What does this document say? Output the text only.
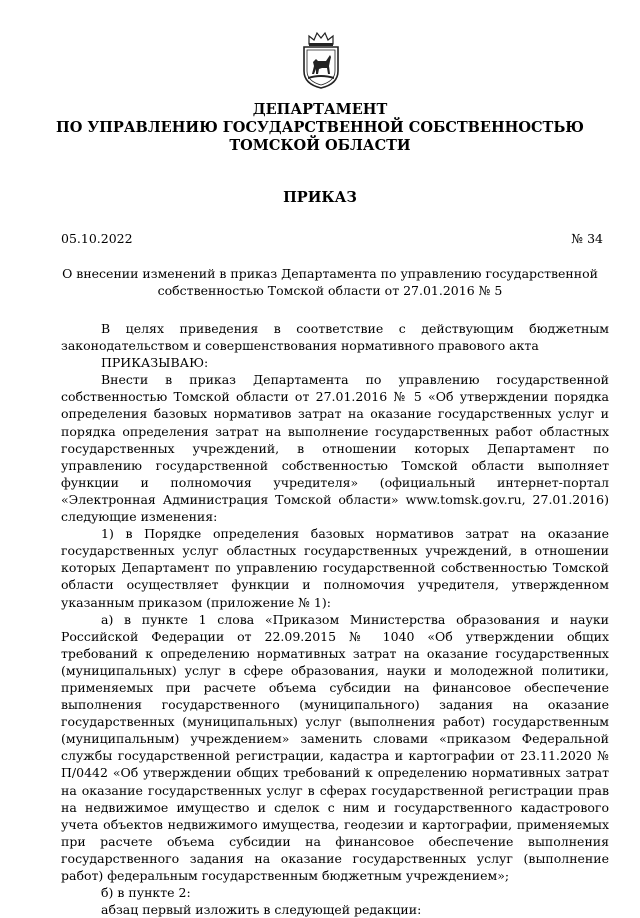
ДЕПАРТАМЕНТ
ПО УПРАВЛЕНИЮ ГОСУДАРСТВЕННОЙ СОБСТВЕННОСТЬЮ
ТОМСКОЙ ОБЛАСТИ
ПРИКАЗ
05.10.2022	№ 34
О внесении изменений в приказ Департамента по управлению государственной
собственностью Томской области от 27.01.2016 № 5

В целях приведения в соответствие с действующим бюджетным законодательством и совершенствования нормативного правового акта

ПРИКАЗЫВАЮ:

Внести в приказ Департамента по управлению государственной собственностью Томской области от 27.01.2016 № 5 «Об утверждении порядка определения базовых нормативов затрат на оказание государственных услуг и порядка определения затрат на выполнение государственных работ областных государственных учреждений, в отношении которых Департамент по управлению государственной собственностью Томской области выполняет функции и полномочия учредителя» (официальный интернет-портал «Электронная Администрация Томской области» www.tomsk.gov.ru, 27.01.2016) следующие изменения:

1) в Порядке определения базовых нормативов затрат на оказание государственных услуг областных государственных учреждений, в отношении которых Департамент по управлению государственной собственностью Томской области осуществляет функции и полномочия учредителя, утвержденном указанным приказом (приложение № 1):

а) в пункте 1 слова «Приказом Министерства образования и науки Российской Федерации от 22.09.2015 № 1040 «Об утверждении общих требований к определению нормативных затрат на оказание государственных (муниципальных) услуг в сфере образования, науки и молодежной политики, применяемых при расчете объема субсидии на финансовое обеспечение выполнения государственного (муниципального) задания на оказание государственных (муниципальных) услуг (выполнения работ) государственным (муниципальным) учреждением» заменить словами «приказом Федеральной службы государственной регистрации, кадастра и картографии от 23.11.2020 № П/0442 «Об утверждении общих требований к определению нормативных затрат на оказание государственных услуг в сферах государственной регистрации прав на недвижимое имущество и сделок с ним и государственного кадастрового учета объектов недвижимого имущества, геодезии и картографии, применяемых при расчете объема субсидии на финансовое обеспечение выполнения государственного задания на оказание государственных услуг (выполнение работ) федеральным государственным бюджетным учреждением»;

б) в пункте 2:

абзац первый изложить в следующей редакции:
